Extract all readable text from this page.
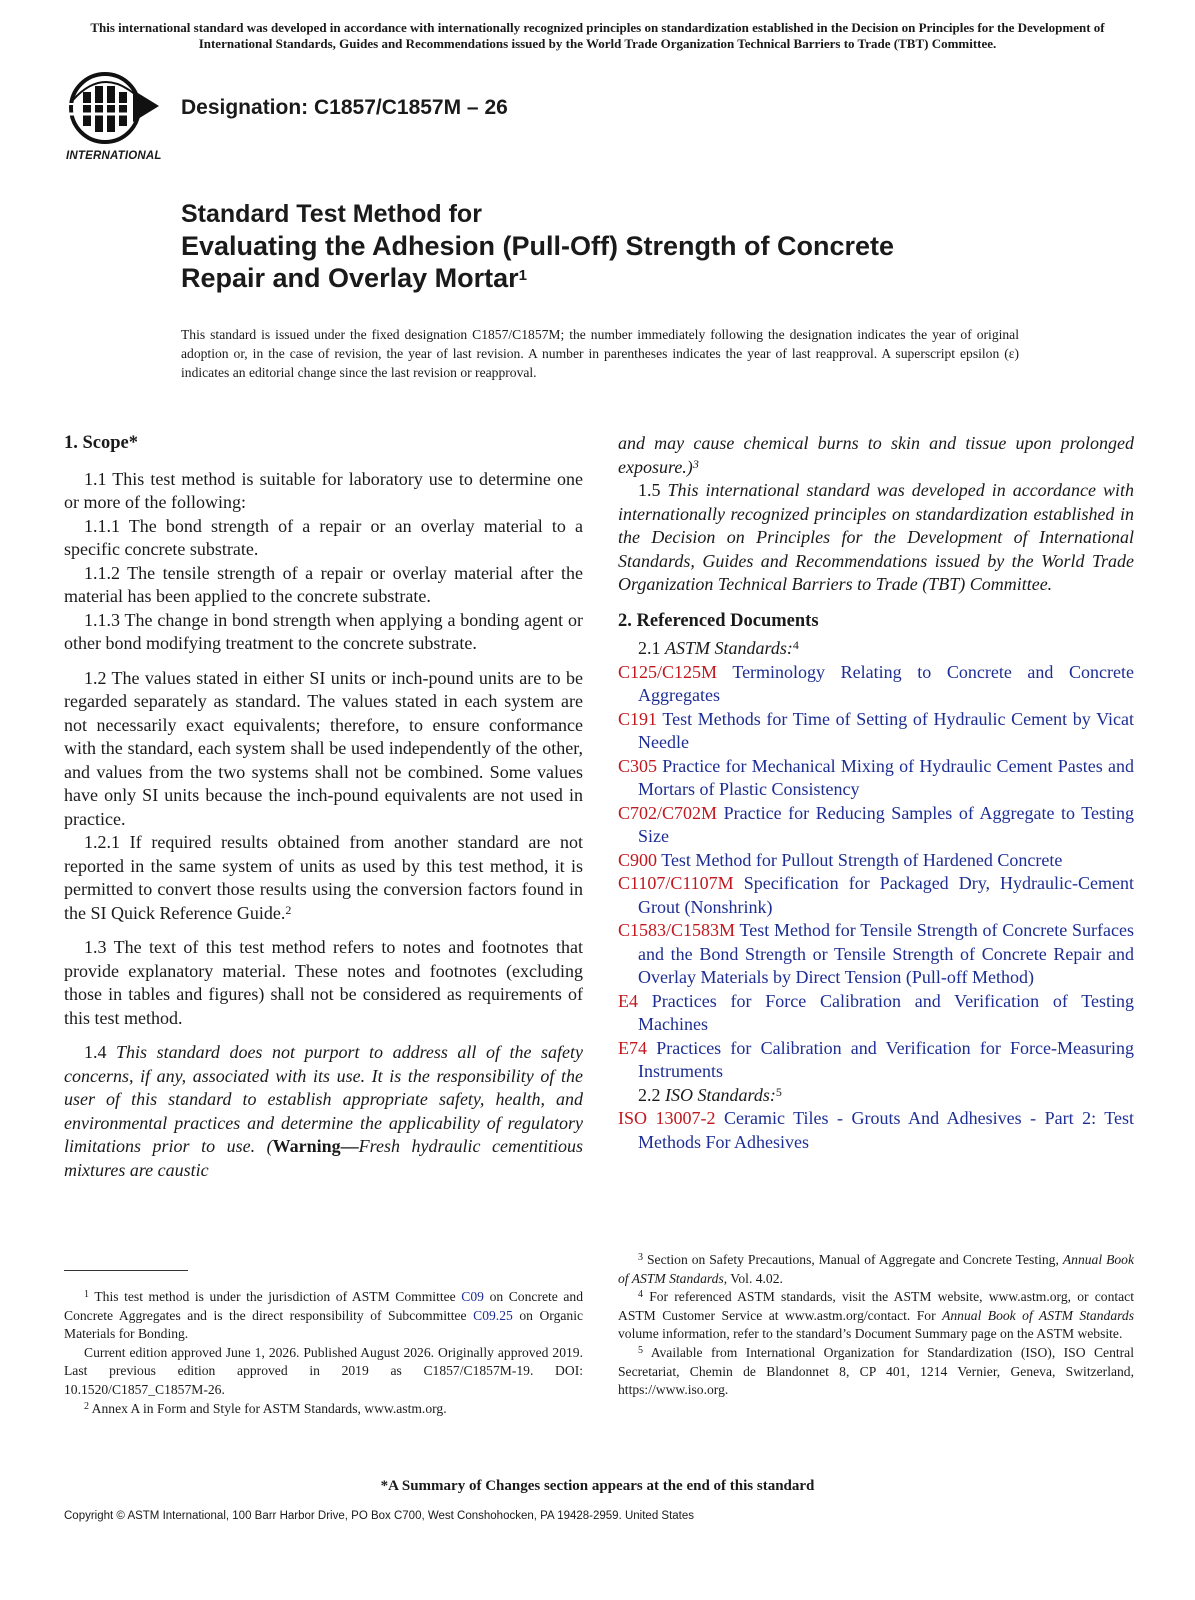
This international standard was developed in accordance with internationally recognized principles on standardization established in the Decision on Principles for the Development of International Standards, Guides and Recommendations issued by the World Trade Organization Technical Barriers to Trade (TBT) Committee.
INTERNATIONAL
Designation: C1857/C1857M – 26
Standard Test Method for
Evaluating the Adhesion (Pull-Off) Strength of Concrete
Repair and Overlay Mortar$^1$
This standard is issued under the fixed designation C1857/C1857M; the number immediately following the designation indicates the year of original adoption or, in the case of revision, the year of last revision. A number in parentheses indicates the year of last reapproval. A superscript epsilon (ε) indicates an editorial change since the last revision or reapproval.

1. Scope*

1.1 This test method is suitable for laboratory use to determine one or more of the following:

1.1.1 The bond strength of a repair or an overlay material to a specific concrete substrate.

1.1.2 The tensile strength of a repair or overlay material after the material has been applied to the concrete substrate.

1.1.3 The change in bond strength when applying a bonding agent or other bond modifying treatment to the concrete substrate.

1.2 The values stated in either SI units or inch-pound units are to be regarded separately as standard. The values stated in each system are not necessarily exact equivalents; therefore, to ensure conformance with the standard, each system shall be used independently of the other, and values from the two systems shall not be combined. Some values have only SI units because the inch-pound equivalents are not used in practice.

1.2.1 If required results obtained from another standard are not reported in the same system of units as used by this test method, it is permitted to convert those results using the conversion factors found in the SI Quick Reference Guide.$^2$

1.3 The text of this test method refers to notes and footnotes that provide explanatory material. These notes and footnotes (excluding those in tables and figures) shall not be considered as requirements of this test method.

1.4 This standard does not purport to address all of the safety concerns, if any, associated with its use. It is the responsibility of the user of this standard to establish appropriate safety, health, and environmental practices and determine the applicability of regulatory limitations prior to use. (Warning—Fresh hydraulic cementitious mixtures are caustic

and may cause chemical burns to skin and tissue upon prolonged exposure.)$^3$

1.5 This international standard was developed in accordance with internationally recognized principles on standardization established in the Decision on Principles for the Development of International Standards, Guides and Recommendations issued by the World Trade Organization Technical Barriers to Trade (TBT) Committee.

2. Referenced Documents

2.1 ASTM Standards:$^4$

C125/C125M Terminology Relating to Concrete and Concrete Aggregates

C191 Test Methods for Time of Setting of Hydraulic Cement by Vicat Needle

C305 Practice for Mechanical Mixing of Hydraulic Cement Pastes and Mortars of Plastic Consistency

C702/C702M Practice for Reducing Samples of Aggregate to Testing Size

C900 Test Method for Pullout Strength of Hardened Concrete

C1107/C1107M Specification for Packaged Dry, Hydraulic-Cement Grout (Nonshrink)

C1583/C1583M Test Method for Tensile Strength of Concrete Surfaces and the Bond Strength or Tensile Strength of Concrete Repair and Overlay Materials by Direct Tension (Pull-off Method)

E4 Practices for Force Calibration and Verification of Testing Machines

E74 Practices for Calibration and Verification for Force-Measuring Instruments

2.2 ISO Standards:$^5$

ISO 13007-2 Ceramic Tiles - Grouts And Adhesives - Part 2: Test Methods For Adhesives

$^1$ This test method is under the jurisdiction of ASTM Committee C09 on Concrete and Concrete Aggregates and is the direct responsibility of Subcommittee C09.25 on Organic Materials for Bonding.

Current edition approved June 1, 2026. Published August 2026. Originally approved 2019. Last previous edition approved in 2019 as C1857/C1857M-19. DOI: 10.1520/C1857_C1857M-26.

$^2$ Annex A in Form and Style for ASTM Standards, www.astm.org.

$^3$ Section on Safety Precautions, Manual of Aggregate and Concrete Testing, Annual Book of ASTM Standards, Vol. 4.02.

$^4$ For referenced ASTM standards, visit the ASTM website, www.astm.org, or contact ASTM Customer Service at www.astm.org/contact. For Annual Book of ASTM Standards volume information, refer to the standard’s Document Summary page on the ASTM website.

$^5$ Available from International Organization for Standardization (ISO), ISO Central Secretariat, Chemin de Blandonnet 8, CP 401, 1214 Vernier, Geneva, Switzerland, https://www.iso.org.

*A Summary of Changes section appears at the end of this standard
Copyright © ASTM International, 100 Barr Harbor Drive, PO Box C700, West Conshohocken, PA 19428-2959. United States
